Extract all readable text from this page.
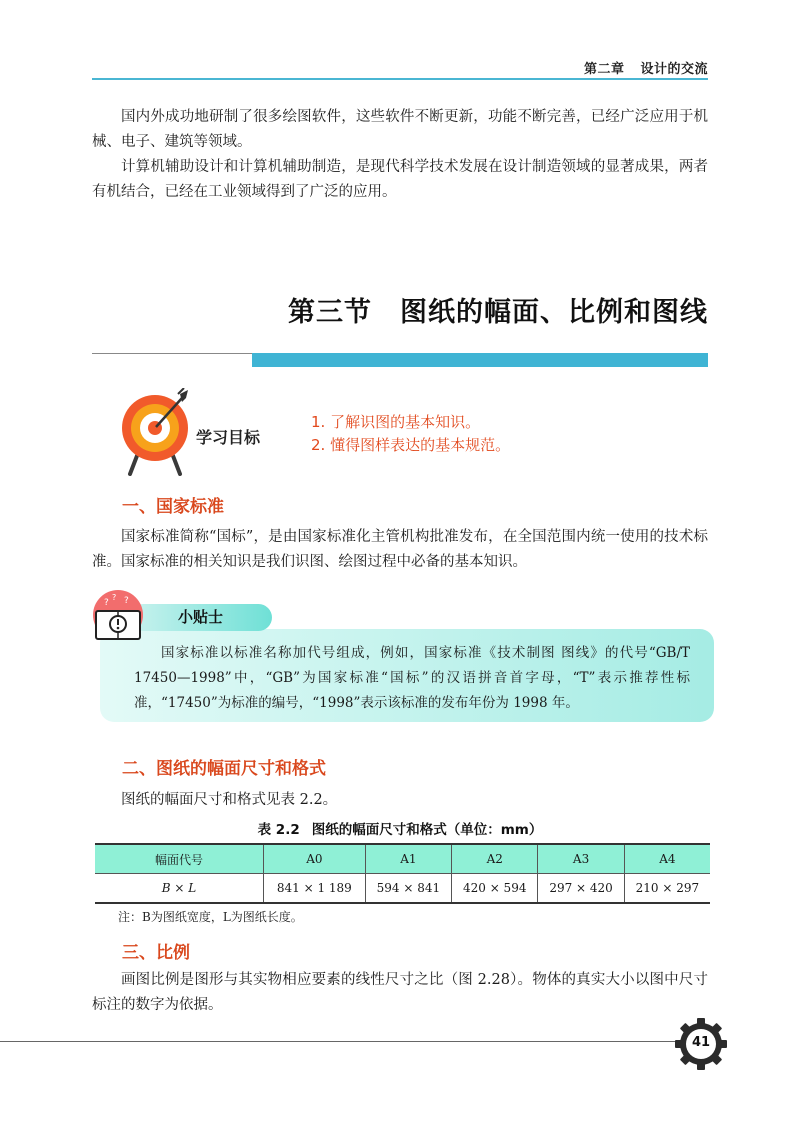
第二章 设计的交流
国内外成功地研制了很多绘图软件，这些软件不断更新，功能不断完善，已经广泛应用于机械、电子、建筑等领域。
计算机辅助设计和计算机辅助制造，是现代科学技术发展在设计制造领域的显著成果，两者有机结合，已经在工业领域得到了广泛的应用。
第三节 图纸的幅面、比例和图线
学习目标
1. 了解识图的基本知识。
2. 懂得图样表达的基本规范。
一、国家标准
国家标准简称“国标”，是由国家标准化主管机构批准发布，在全国范围内统一使用的技术标准。国家标准的相关知识是我们识图、绘图过程中必备的基本知识。
?
? ?
小贴士
国家标准以标准名称加代号组成，例如，国家标准《技术制图 图线》的代号“GB/T 17450—1998”中，“GB”为国家标准“国标”的汉语拼音首字母，“T”表示推荐性标准，“17450”为标准的编号，“1998”表示该标准的发布年份为 1998 年。
二、图纸的幅面尺寸和格式
图纸的幅面尺寸和格式见表 2.2。
表 2.2 图纸的幅面尺寸和格式（单位：mm）
幅面代号	A0	A1	A2	A3	A4
B × L	841 × 1 189	594 × 841	420 × 594	297 × 420	210 × 297
注：B为图纸宽度，L为图纸长度。
三、比例
画图比例是图形与其实物相应要素的线性尺寸之比（图 2.28）。物体的真实大小以图中尺寸标注的数字为依据。
41
